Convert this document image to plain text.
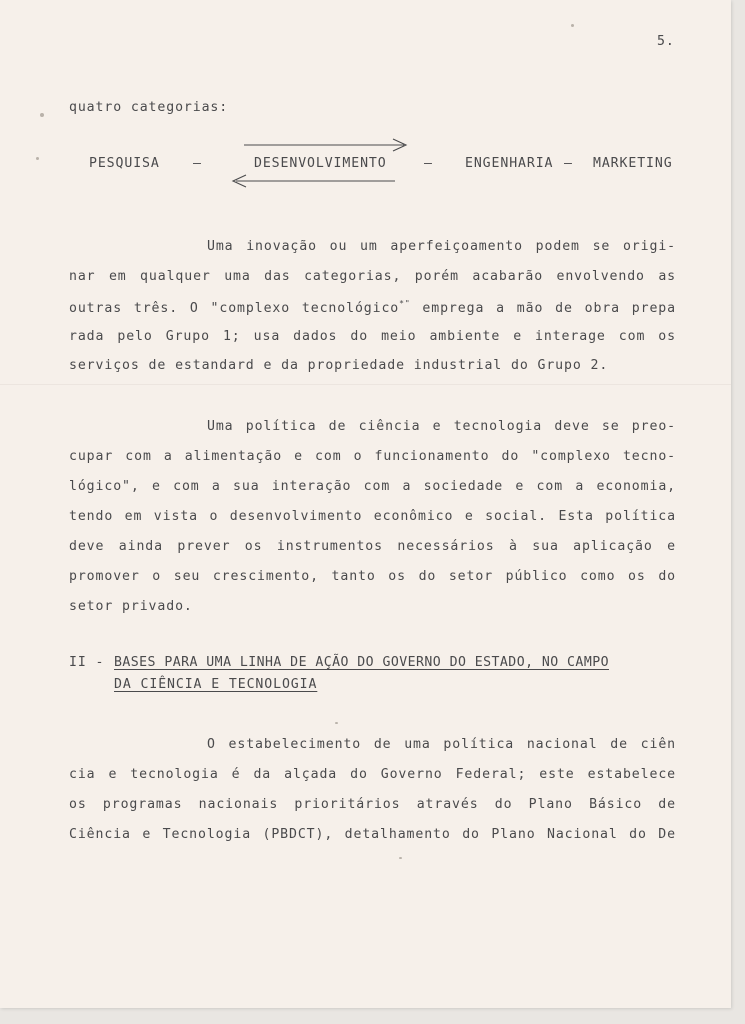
5.
quatro categorias:
PESQUISA	—	DESENVOLVIMENTO	— ENGENHARIA — MARKETING
Uma inovação ou um aperfeiçoamento podem se origi-
nar em qualquer uma das categorias, porém acabarão envolvendo as
outras três. O "complexo tecnológico*" emprega a mão de obra prepa
rada pelo Grupo 1; usa dados do meio ambiente e interage com os
serviços de estandard e da propriedade industrial do Grupo 2.
Uma política de ciência e tecnologia deve se preo-
cupar com a alimentação e com o funcionamento do "complexo tecno-
lógico", e com a sua interação com a sociedade e com a economia,
tendo em vista o desenvolvimento econômico e social. Esta política
deve ainda prever os instrumentos necessários à sua aplicação e
promover o seu crescimento, tanto os do setor público como os do
setor privado.
II - BASES PARA UMA LINHA DE AÇÃO DO GOVERNO DO ESTADO, NO CAMPO
DA CIÊNCIA E TECNOLOGIA
O estabelecimento de uma política nacional de ciên
cia e tecnologia é da alçada do Governo Federal; este estabelece
os programas nacionais prioritários através do Plano Básico de
Ciência e Tecnologia (PBDCT), detalhamento do Plano Nacional do De
